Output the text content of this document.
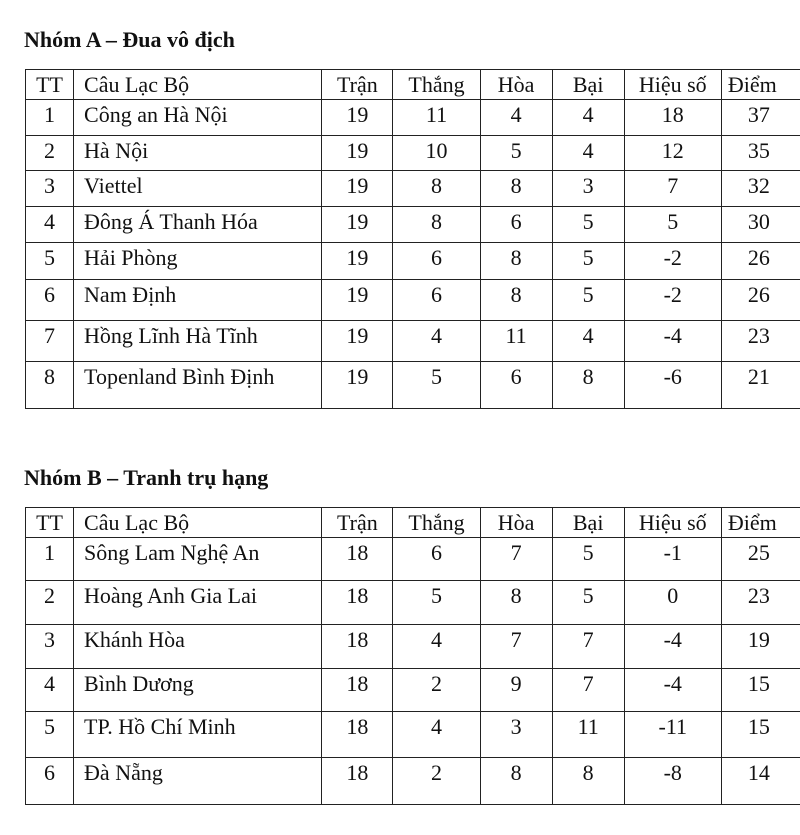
Nhóm A – Đua vô địch
TT	Câu Lạc Bộ	Trận	Thắng	Hòa	Bại	Hiệu số	Điểm
1	Công an Hà Nội	19	11	4	4	18	37
2	Hà Nội	19	10	5	4	12	35
3	Viettel	19	8	8	3	7	32
4	Đông Á Thanh Hóa	19	8	6	5	5	30
5	Hải Phòng	19	6	8	5	-2	26
6	Nam Định	19	6	8	5	-2	26
7	Hồng Lĩnh Hà Tĩnh	19	4	11	4	-4	23
8	Topenland Bình Định	19	5	6	8	-6	21
Nhóm B – Tranh trụ hạng
TT	Câu Lạc Bộ	Trận	Thắng	Hòa	Bại	Hiệu số	Điểm
1	Sông Lam Nghệ An	18	6	7	5	-1	25
2	Hoàng Anh Gia Lai	18	5	8	5	0	23
3	Khánh Hòa	18	4	7	7	-4	19
4	Bình Dương	18	2	9	7	-4	15
5	TP. Hồ Chí Minh	18	4	3	11	-11	15
6	Đà Nẵng	18	2	8	8	-8	14
